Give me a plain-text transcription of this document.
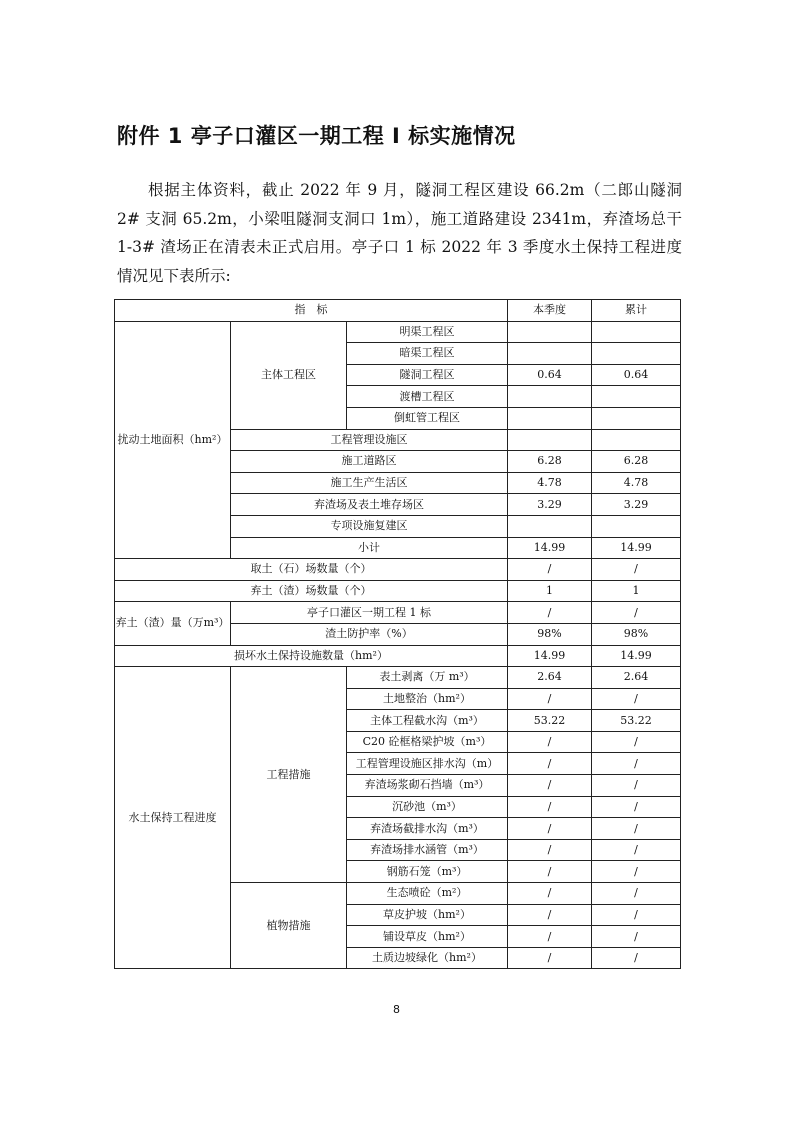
附件 1 亭子口灌区一期工程 I 标实施情况
根据主体资料，截止 2022 年 9 月，隧洞工程区建设 66.2m（二郎山隧洞 2# 支洞 65.2m，小梁咀隧洞支洞口 1m），施工道路建设 2341m，弃渣场总干 1-3# 渣场正在清表未正式启用。亭子口 1 标 2022 年 3 季度水土保持工程进度情况见下表所示:
指　标			本季度	累计
扰动土地面积（hm²）	主体工程区	明渠工程区		
		暗渠工程区		
		隧洞工程区	0.64	0.64
		渡槽工程区		
		倒虹管工程区		
	工程管理设施区			
	施工道路区		6.28	6.28
	施工生产生活区		4.78	4.78
	弃渣场及表土堆存场区		3.29	3.29
	专项设施复建区			
	小计		14.99	14.99
取土（石）场数量（个）			/	/
弃土（渣）场数量（个）			1	1
弃土（渣）量（万m³）	亭子口灌区一期工程 1 标		/	/
	渣土防护率（%）		98%	98%
损坏水土保持设施数量（hm²）			14.99	14.99
水土保持工程进度	工程措施	表土剥离（万 m³）	2.64	2.64
		土地整治（hm²）	/	/
		主体工程截水沟（m³）	53.22	53.22
		C20 砼框格梁护坡（m³）	/	/
		工程管理设施区排水沟（m）	/	/
		弃渣场浆砌石挡墙（m³）	/	/
		沉砂池（m³）	/	/
		弃渣场截排水沟（m³）	/	/
		弃渣场排水涵管（m³）	/	/
		钢筋石笼（m³）	/	/
	植物措施	生态喷砼（m²）	/	/
		草皮护坡（hm²）	/	/
		铺设草皮（hm²）	/	/
		土质边坡绿化（hm²）	/	/
8
